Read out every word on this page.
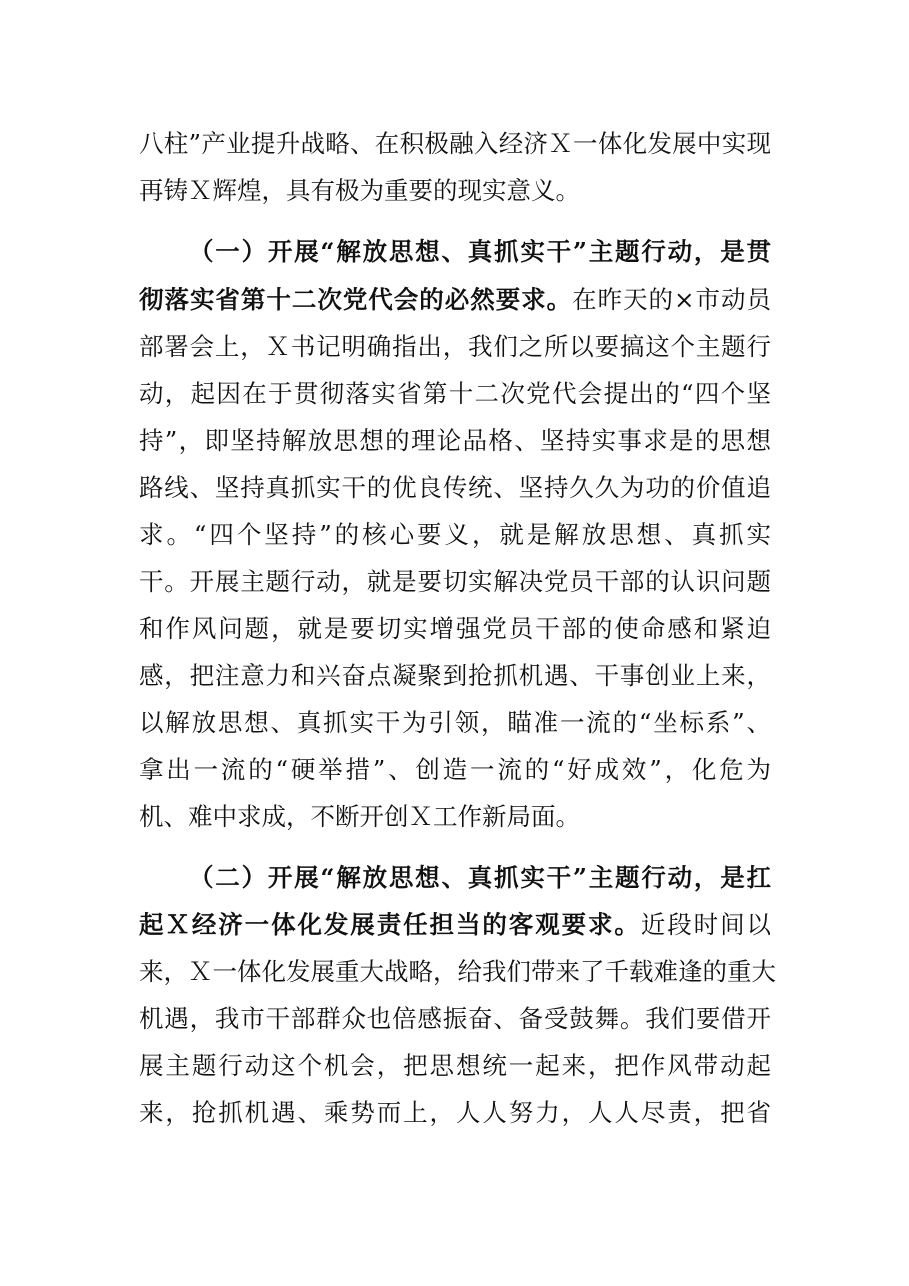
八柱”产业提升战略、在积极融入经济Ｘ一体化发展中实现
再铸Ｘ辉煌，具有极为重要的现实意义。
（一）开展“解放思想、真抓实干”主题行动，是贯
彻落实省第十二次党代会的必然要求。在昨天的×市动员
部署会上，Ｘ书记明确指出，我们之所以要搞这个主题行
动，起因在于贯彻落实省第十二次党代会提出的“四个坚
持”，即坚持解放思想的理论品格、坚持实事求是的思想
路线、坚持真抓实干的优良传统、坚持久久为功的价值追
求。“四个坚持”的核心要义，就是解放思想、真抓实
干。开展主题行动，就是要切实解决党员干部的认识问题
和作风问题，就是要切实增强党员干部的使命感和紧迫
感，把注意力和兴奋点凝聚到抢抓机遇、干事创业上来，
以解放思想、真抓实干为引领，瞄准一流的“坐标系”、
拿出一流的“硬举措”、创造一流的“好成效”，化危为
机、难中求成，不断开创Ｘ工作新局面。
（二）开展“解放思想、真抓实干”主题行动，是扛
起Ｘ经济一体化发展责任担当的客观要求。近段时间以
来，Ｘ一体化发展重大战略，给我们带来了千载难逢的重大
机遇，我市干部群众也倍感振奋、备受鼓舞。我们要借开
展主题行动这个机会，把思想统一起来，把作风带动起
来，抢抓机遇、乘势而上，人人努力，人人尽责，把省
